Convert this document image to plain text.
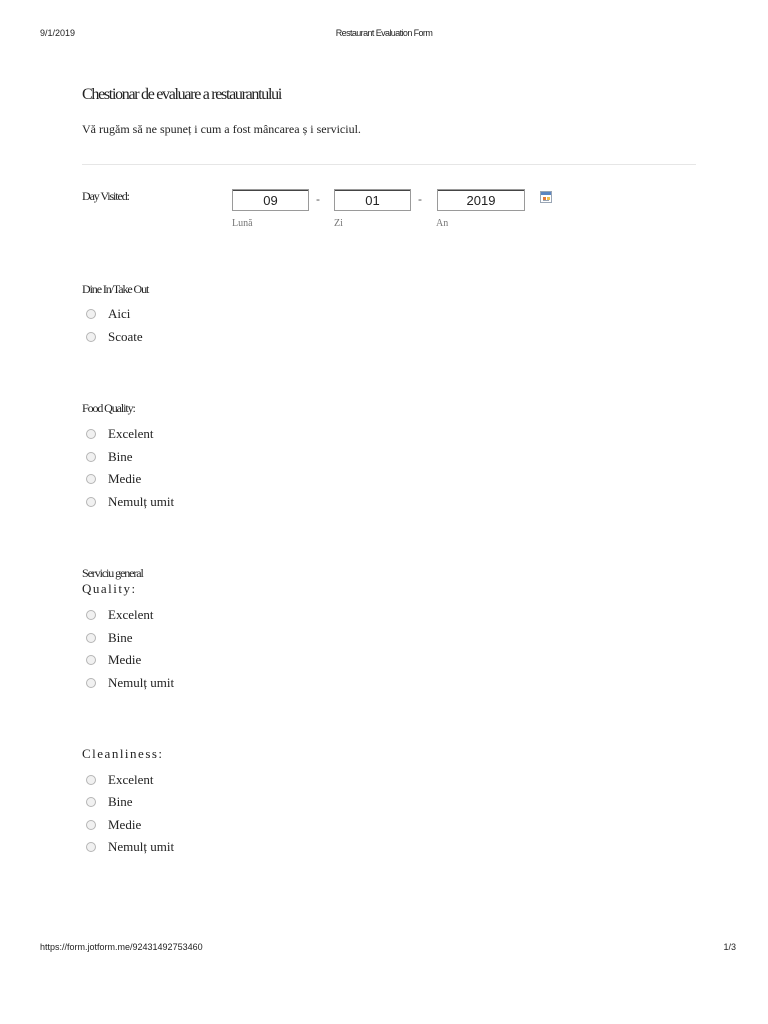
9/1/2019	Restaurant Evaluation Form
Chestionar de evaluare a restaurantului
Vă rugăm să ne spuneț i cum a fost mâncarea ș i serviciul.
Day Visited:	09	-	01	-	2019
Lună	Zi	An
Dine In/Take Out
Aici
Scoate
Food Quality:
Excelent
Bine
Medie
Nemulț umit
Serviciu general
Quality:
Excelent
Bine
Medie
Nemulț umit
Cleanliness:
Excelent
Bine
Medie
Nemulț umit
https://form.jotform.me/92431492753460	1/3
